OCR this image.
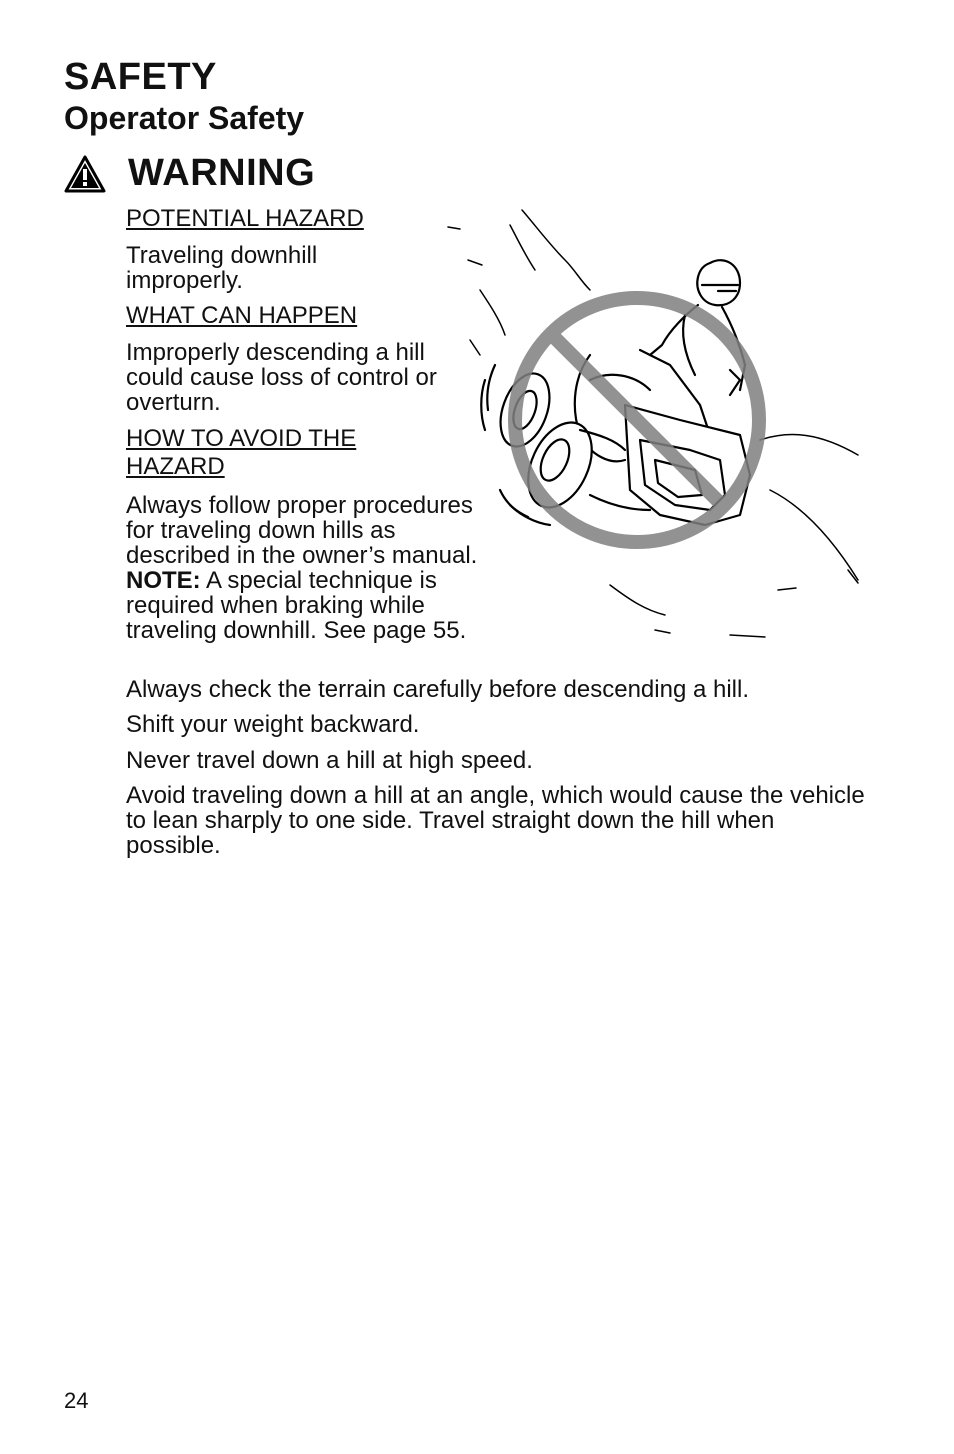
SAFETY
Operator Safety
WARNING

POTENTIAL HAZARD

Traveling downhill improperly.

WHAT CAN HAPPEN

Improperly descending a hill could cause loss of control or overturn.

HOW TO AVOID THE
HAZARD

Always follow proper procedures for traveling down hills as described in the owner’s manual. NOTE: A special technique is required when braking while traveling downhill. See page 55.

Always check the terrain carefully before descending a hill.

Shift your weight backward.

Never travel down a hill at high speed.

Avoid traveling down a hill at an angle, which would cause the vehicle to lean sharply to one side. Travel straight down the hill when possible.

24
